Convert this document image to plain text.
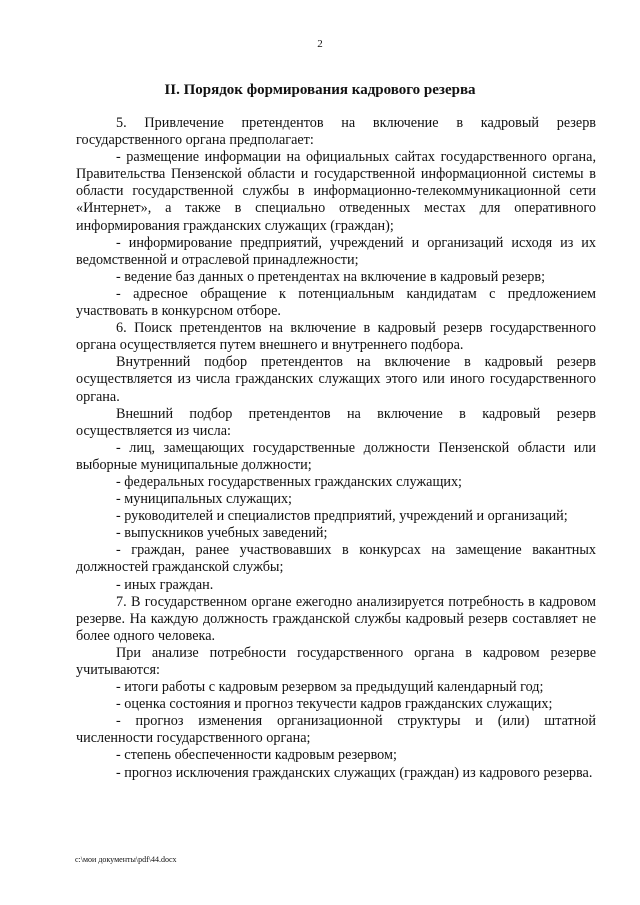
2
II. Порядок формирования кадрового резерва

5. Привлечение претендентов на включение в кадровый резерв государственного органа предполагает:

- размещение информации на официальных сайтах государственного органа, Правительства Пензенской области и государственной информационной системы в области государственной службы в информационно-телекоммуникационной сети «Интернет», а также в специально отведенных местах для оперативного информирования гражданских служащих (граждан);

- информирование предприятий, учреждений и организаций исходя из их ведомственной и отраслевой принадлежности;

- ведение баз данных о претендентах на включение в кадровый резерв;

- адресное обращение к потенциальным кандидатам с предложением участвовать в конкурсном отборе.

6. Поиск претендентов на включение в кадровый резерв государственного органа осуществляется путем внешнего и внутреннего подбора.

Внутренний подбор претендентов на включение в кадровый резерв осуществляется из числа гражданских служащих этого или иного государственного органа.

Внешний подбор претендентов на включение в кадровый резерв осуществляется из числа:

- лиц, замещающих государственные должности Пензенской области или выборные муниципальные должности;

- федеральных государственных гражданских служащих;

- муниципальных служащих;

- руководителей и специалистов предприятий, учреждений и организаций;

- выпускников учебных заведений;

- граждан, ранее участвовавших в конкурсах на замещение вакантных должностей гражданской службы;

- иных граждан.

7. В государственном органе ежегодно анализируется потребность в кадровом резерве. На каждую должность гражданской службы кадровый резерв составляет не более одного человека.

При анализе потребности государственного органа в кадровом резерве учитываются:

- итоги работы с кадровым резервом за предыдущий календарный год;

- оценка состояния и прогноз текучести кадров гражданских служащих;

- прогноз изменения организационной структуры и (или) штатной численности государственного органа;

- степень обеспеченности кадровым резервом;

- прогноз исключения гражданских служащих (граждан) из кадрового резерва.

c:\мои документы\pdf\44.docx
